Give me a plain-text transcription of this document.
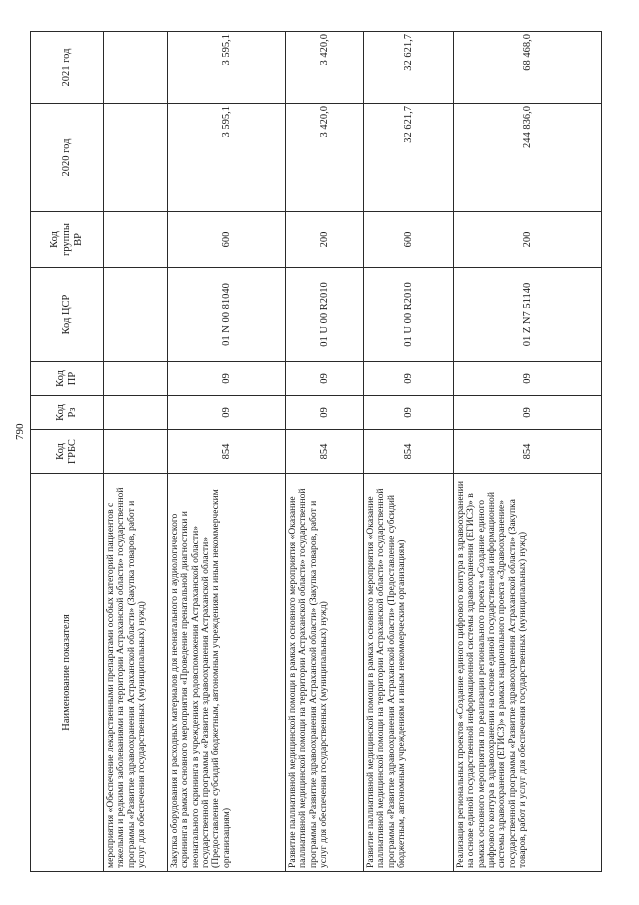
790
Наименование показателя	Код ГРБС	Код Рз	Код ПР	Код ЦСР	Код группы ВР	2020 год	2021 год
мероприятия «Обеспечение лекарственными препаратами особых категорий пациентов с тяжелыми и редкими заболеваниями на территории Астраханской области» государственной программы «Развитие здравоохранения Астраханской области» (Закупка товаров, работ и услуг для обеспечения государственных (муниципальных) нужд)							
Закупка оборудования и расходных материалов для неонатального и аудиологического скрининга в рамках основного мероприятия «Проведение пренатальной диагностики и неонатального скрининга в учреждениях родовспоможения Астраханской области» государственной программы «Развитие здравоохранения Астраханской области» (Предоставление субсидий бюджетным, автономным учреждениям и иным некоммерческим организациям)	854	09	09	01 N 00 81040	600	3 595,1	3 595,1
Развитие паллиативной медицинской помощи в рамках основного мероприятия «Оказание паллиативной медицинской помощи на территории Астраханской области» государственной программы «Развитие здравоохранения Астраханской области» (Закупка товаров, работ и услуг для обеспечения государственных (муниципальных) нужд)	854	09	09	01 U 00 R2010	200	3 420,0	3 420,0
Развитие паллиативной медицинской помощи в рамках основного мероприятия «Оказание паллиативной медицинской помощи на территории Астраханской области» государственной программы «Развитие здравоохранения Астраханской области» (Предоставление субсидий бюджетным, автономным учреждениям и иным некоммерческим организациям)	854	09	09	01 U 00 R2010	600	32 621,7	32 621,7
Реализация региональных проектов «Создание единого цифрового контура в здравоохранении на основе единой государственной информационной системы здравоохранения (ЕГИСЗ)» в рамках основного мероприятия по реализации регионального проекта «Создание единого цифрового контура в здравоохранении на основе единой государственной информационной системы здравоохранения (ЕГИСЗ)» в рамках национального проекта «Здравоохранение» государственной программы «Развитие здравоохранения Астраханской области» (Закупка товаров, работ и услуг для обеспечения государственных (муниципальных) нужд)	854	09	09	01 Z N7 51140	200	244 836,0	68 468,0
